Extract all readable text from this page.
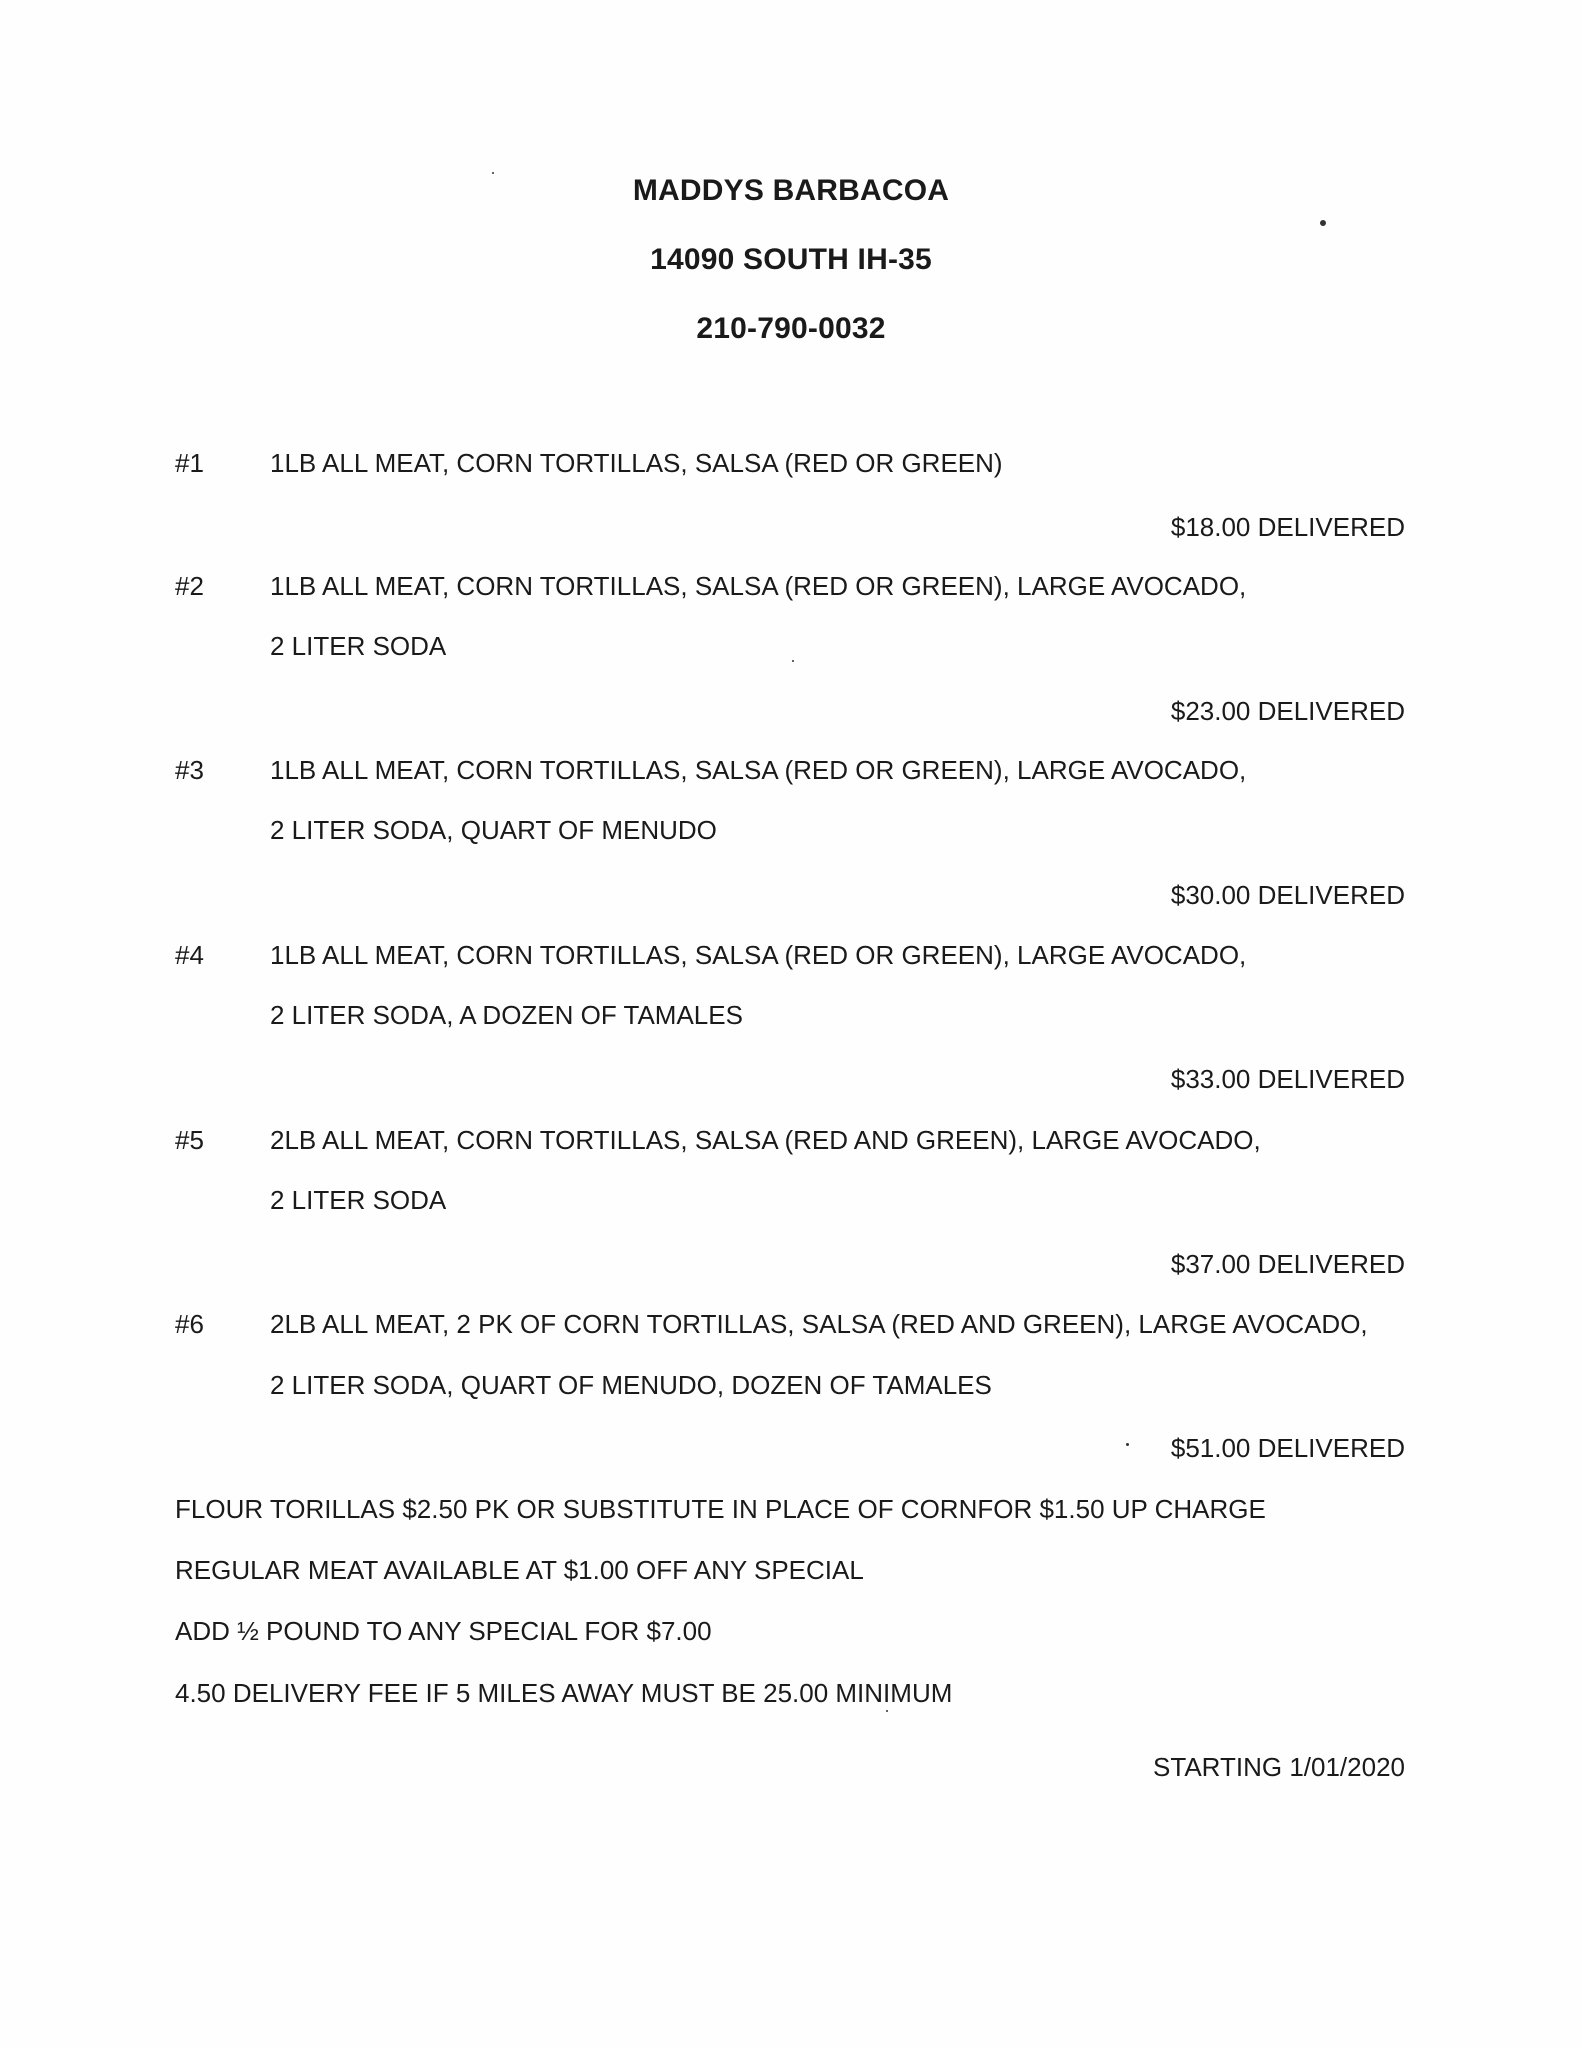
MADDYS BARBACOA
14090 SOUTH IH-35
210-790-0032
#1	1LB ALL MEAT, CORN TORTILLAS, SALSA (RED OR GREEN)
$18.00 DELIVERED
#2	1LB ALL MEAT, CORN TORTILLAS, SALSA (RED OR GREEN), LARGE AVOCADO,
2 LITER SODA
$23.00 DELIVERED
#3	1LB ALL MEAT, CORN TORTILLAS, SALSA (RED OR GREEN), LARGE AVOCADO,
2 LITER SODA, QUART OF MENUDO
$30.00 DELIVERED
#4	1LB ALL MEAT, CORN TORTILLAS, SALSA (RED OR GREEN), LARGE AVOCADO,
2 LITER SODA, A DOZEN OF TAMALES
$33.00 DELIVERED
#5	2LB ALL MEAT, CORN TORTILLAS, SALSA (RED AND GREEN), LARGE AVOCADO,
2 LITER SODA
$37.00 DELIVERED
#6	2LB ALL MEAT, 2 PK OF CORN TORTILLAS, SALSA (RED AND GREEN), LARGE AVOCADO,
2 LITER SODA, QUART OF MENUDO, DOZEN OF TAMALES
$51.00 DELIVERED
FLOUR TORILLAS $2.50 PK OR SUBSTITUTE IN PLACE OF CORNFOR $1.50 UP CHARGE
REGULAR MEAT AVAILABLE AT $1.00 OFF ANY SPECIAL
ADD ½ POUND TO ANY SPECIAL FOR $7.00
4.50 DELIVERY FEE IF 5 MILES AWAY MUST BE 25.00 MINIMUM
STARTING 1/01/2020
